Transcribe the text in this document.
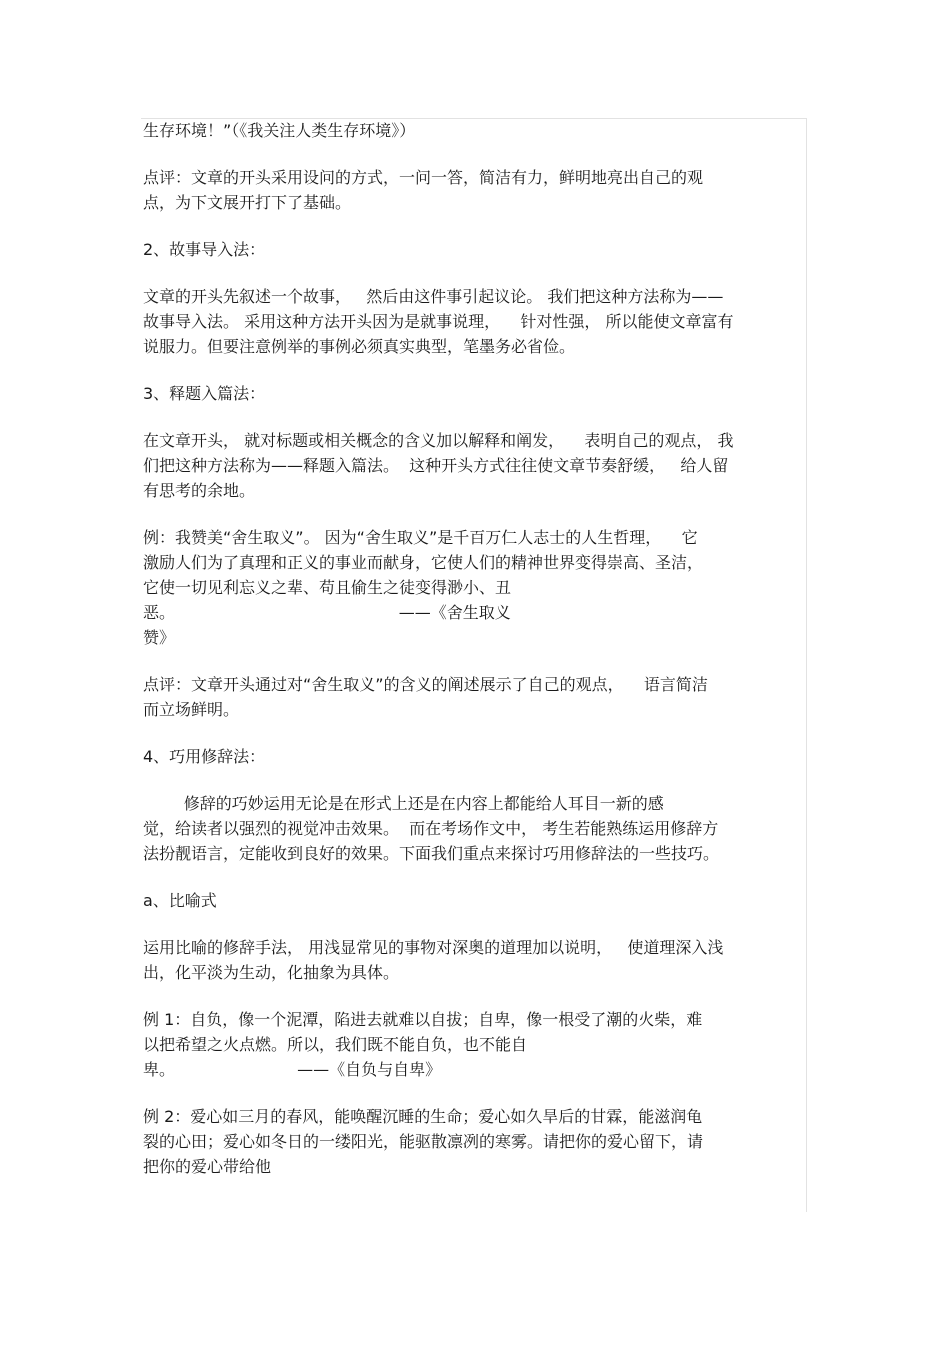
生存环境！”（《我关注人类生存环境》）
点评：文章的开头采用设问的方式，一问一答，简洁有力，鲜明地亮出自己的观
点，为下文展开打下了基础。
2、故事导入法：
文章的开头先叙述一个故事，   然后由这件事引起议论。 我们把这种方法称为——
故事导入法。 采用这种方法开头因为是就事说理，    针对性强， 所以能使文章富有
说服力。但要注意例举的事例必须真实典型，笔墨务必省俭。
3、释题入篇法：
在文章开头， 就对标题或相关概念的含义加以解释和阐发，    表明自己的观点， 我
们把这种方法称为——释题入篇法。  这种开头方式往往使文章节奏舒缓，   给人留
有思考的余地。
例：我赞美“舍生取义”。 因为“舍生取义”是千百万仁人志士的人生哲理，    它
激励人们为了真理和正义的事业而献身，它使人们的精神世界变得崇高、圣洁，
它使一切见利忘义之辈、苟且偷生之徒变得渺小、丑
恶。                                            ——《舍生取义
赞》
点评：文章开头通过对“舍生取义”的含义的阐述展示了自己的观点，    语言简洁
而立场鲜明。
4、巧用修辞法：
修辞的巧妙运用无论是在形式上还是在内容上都能给人耳目一新的感
觉，给读者以强烈的视觉冲击效果。  而在考场作文中， 考生若能熟练运用修辞方
法扮靓语言，定能收到良好的效果。下面我们重点来探讨巧用修辞法的一些技巧。
a、比喻式
运用比喻的修辞手法， 用浅显常见的事物对深奥的道理加以说明，   使道理深入浅
出，化平淡为生动，化抽象为具体。
例 1：自负，像一个泥潭，陷进去就难以自拔；自卑，像一根受了潮的火柴，难
以把希望之火点燃。所以，我们既不能自负，也不能自
卑。                        ——《自负与自卑》
例 2：爱心如三月的春风，能唤醒沉睡的生命；爱心如久旱后的甘霖，能滋润龟
裂的心田；爱心如冬日的一缕阳光，能驱散凛冽的寒雾。请把你的爱心留下，请
把你的爱心带给他
